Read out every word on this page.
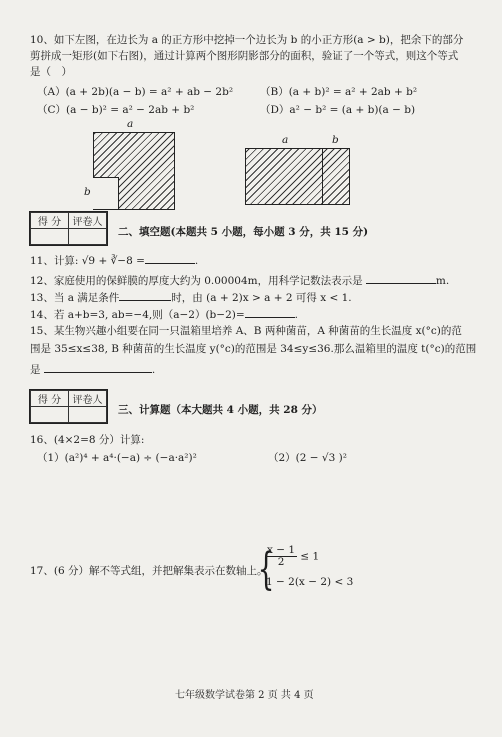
10、如下左图，在边长为 a 的正方形中挖掉一个边长为 b 的小正方形(a > b)，把余下的部分
剪拼成一矩形(如下右图)，通过计算两个图形阴影部分的面积，验证了一个等式，则这个等式
是（　）
（A）(a + 2b)(a − b) = a² + ab − 2b²	（B）(a + b)² = a² + 2ab + b²
（C）(a − b)² = a² − 2ab + b²	（D）a² − b² = (a + b)(a − b)
a
b
a	b
得 分	评卷人

二、填空题(本题共 5 小题，每小题 3 分，共 15 分)
11、计算: √9 + ∛−8 =	.
12、家庭使用的保鲜膜的厚度大约为 0.00004m，用科学记数法表示是	m.
13、当 a 满足条件	时，由 (a + 2)x > a + 2 可得 x < 1.
14、若 a+b=3, ab=−4,则（a−2）(b−2)=	.
15、某生物兴趣小组要在同一只温箱里培养 A、B 两种菌苗，A 种菌苗的生长温度 x(°c)的范
围是 35≤x≤38, B 种菌苗的生长温度 y(°c)的范围是 34≤y≤36.那么温箱里的温度 t(°c)的范围
是	.
得 分	评卷人

三、计算题（本大题共 4 小题，共 28 分）
16、(4×2=8 分）计算:
（1）(a²)⁴ + a⁴·(−a) ÷ (−a·a²)²	（2）(2 − √3 )²
17、(6 分）解不等式组，并把解集表示在数轴上。
{
$\frac{x - 1}{2} \le 1$
1 − 2(x − 2) < 3
七年级数学试卷第 2 页 共 4 页
